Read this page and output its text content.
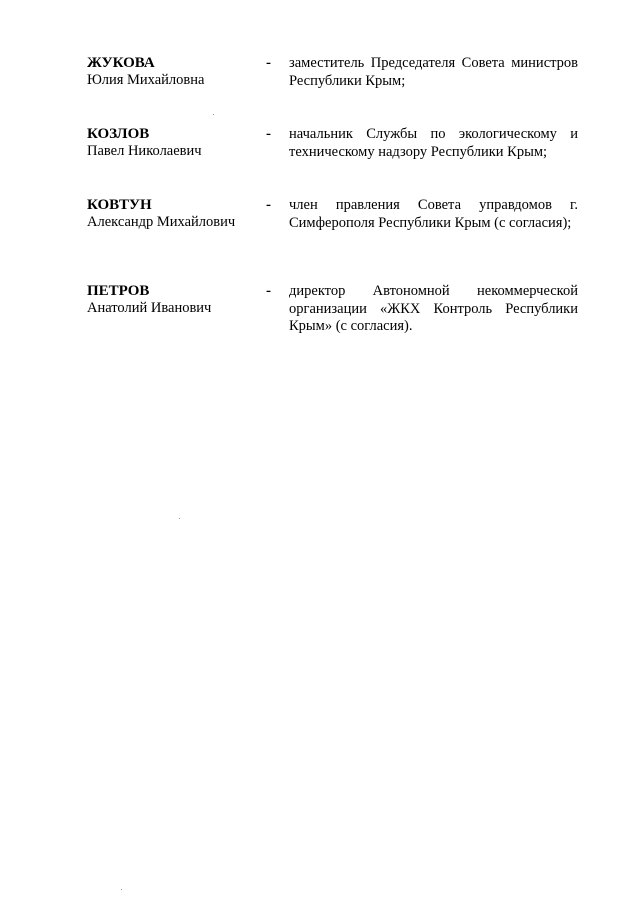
ЖУКОВА
Юлия Михайловна
- заместитель Председателя Совета министров Республики Крым;

КОЗЛОВ
Павел Николаевич
- начальник Службы по экологическому и техническому надзору Республики Крым;

КОВТУН
Александр Михайлович
- член правления Совета управдомов г. Симферополя Республики Крым (с согласия);

ПЕТРОВ
Анатолий Иванович
- директор Автономной некоммерческой организации «ЖКХ Контроль Республики Крым» (с согласия).
